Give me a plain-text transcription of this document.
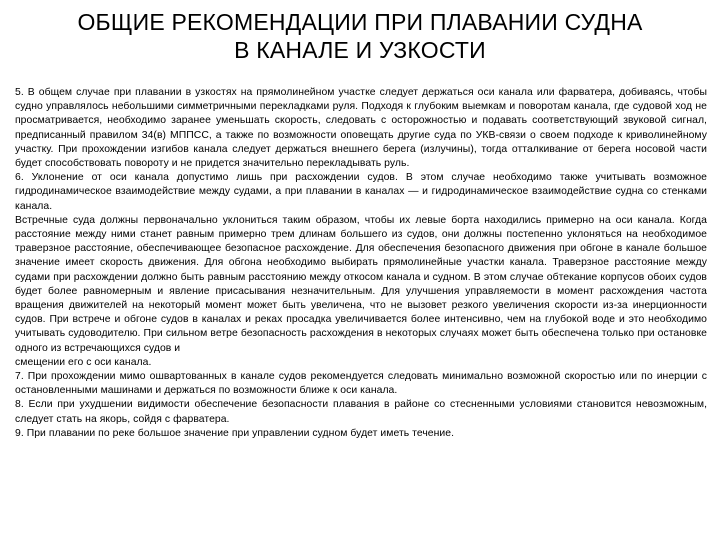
ОБЩИЕ РЕКОМЕНДАЦИИ ПРИ ПЛАВАНИИ СУДНА
В КАНАЛЕ И УЗКОСТИ

5. В общем случае при плавании в узкостях на прямолинейном участке следует держаться оси канала или фарватера, добиваясь, чтобы судно управлялось небольшими симметричными перекладками руля. Подходя к глубоким выемкам и поворотам канала, где судовой ход не просматривается, необходимо заранее уменьшать скорость, следовать с осторожностью и подавать соответствующий звуковой сигнал, предписанный правилом 34(в) МППСС, а также по возможности оповещать другие суда по УКВ-связи о своем подходе к криволинейному участку. При прохождении изгибов канала следует держаться внешнего берега (излучины), тогда отталкивание от берега носовой части будет способствовать повороту и не придется значительно перекладывать руль.

6. Уклонение от оси канала допустимо лишь при расхождении судов. В этом случае необходимо также учитывать возможное гидродинамическое взаимодействие между судами, а при плавании в каналах — и гидродинамическое взаимодействие судна со стенками канала.

Встречные суда должны первоначально уклониться таким образом, чтобы их левые борта находились примерно на оси канала. Когда расстояние между ними станет равным примерно трем длинам большего из судов, они должны постепенно уклоняться на необходимое траверзное расстояние, обеспечивающее безопасное расхождение. Для обеспечения безопасного движения при обгоне в канале большое значение имеет скорость движения. Для обгона необходимо выбирать прямолинейные участки канала. Траверзное расстояние между судами при расхождении должно быть равным расстоянию между откосом канала и судном. В этом случае обтекание корпусов обоих судов будет более равномерным и явление присасывания незначительным. Для улучшения управляемости в момент расхождения частота вращения движителей на некоторый момент может быть увеличена, что не вызовет резкого увеличения скорости из-за инерционности судов. При встрече и обгоне судов в каналах и реках просадка увеличивается более интенсивно, чем на глубокой воде и это необходимо учитывать судоводителю. При сильном ветре безопасность расхождения в некоторых случаях может быть обеспечена только при остановке одного из встречающихся судов и

смещении его с оси канала.

7. При прохождении мимо ошвартованных в канале судов рекомендуется следовать минимально возможной скоростью или по инерции с остановленными машинами и держаться по возможности ближе к оси канала.

8. Если при ухудшении видимости обеспечение безопасности плавания в районе со стесненными условиями становится невозможным, следует стать на якорь, сойдя с фарватера.

9. При плавании по реке большое значение при управлении судном будет иметь течение.
